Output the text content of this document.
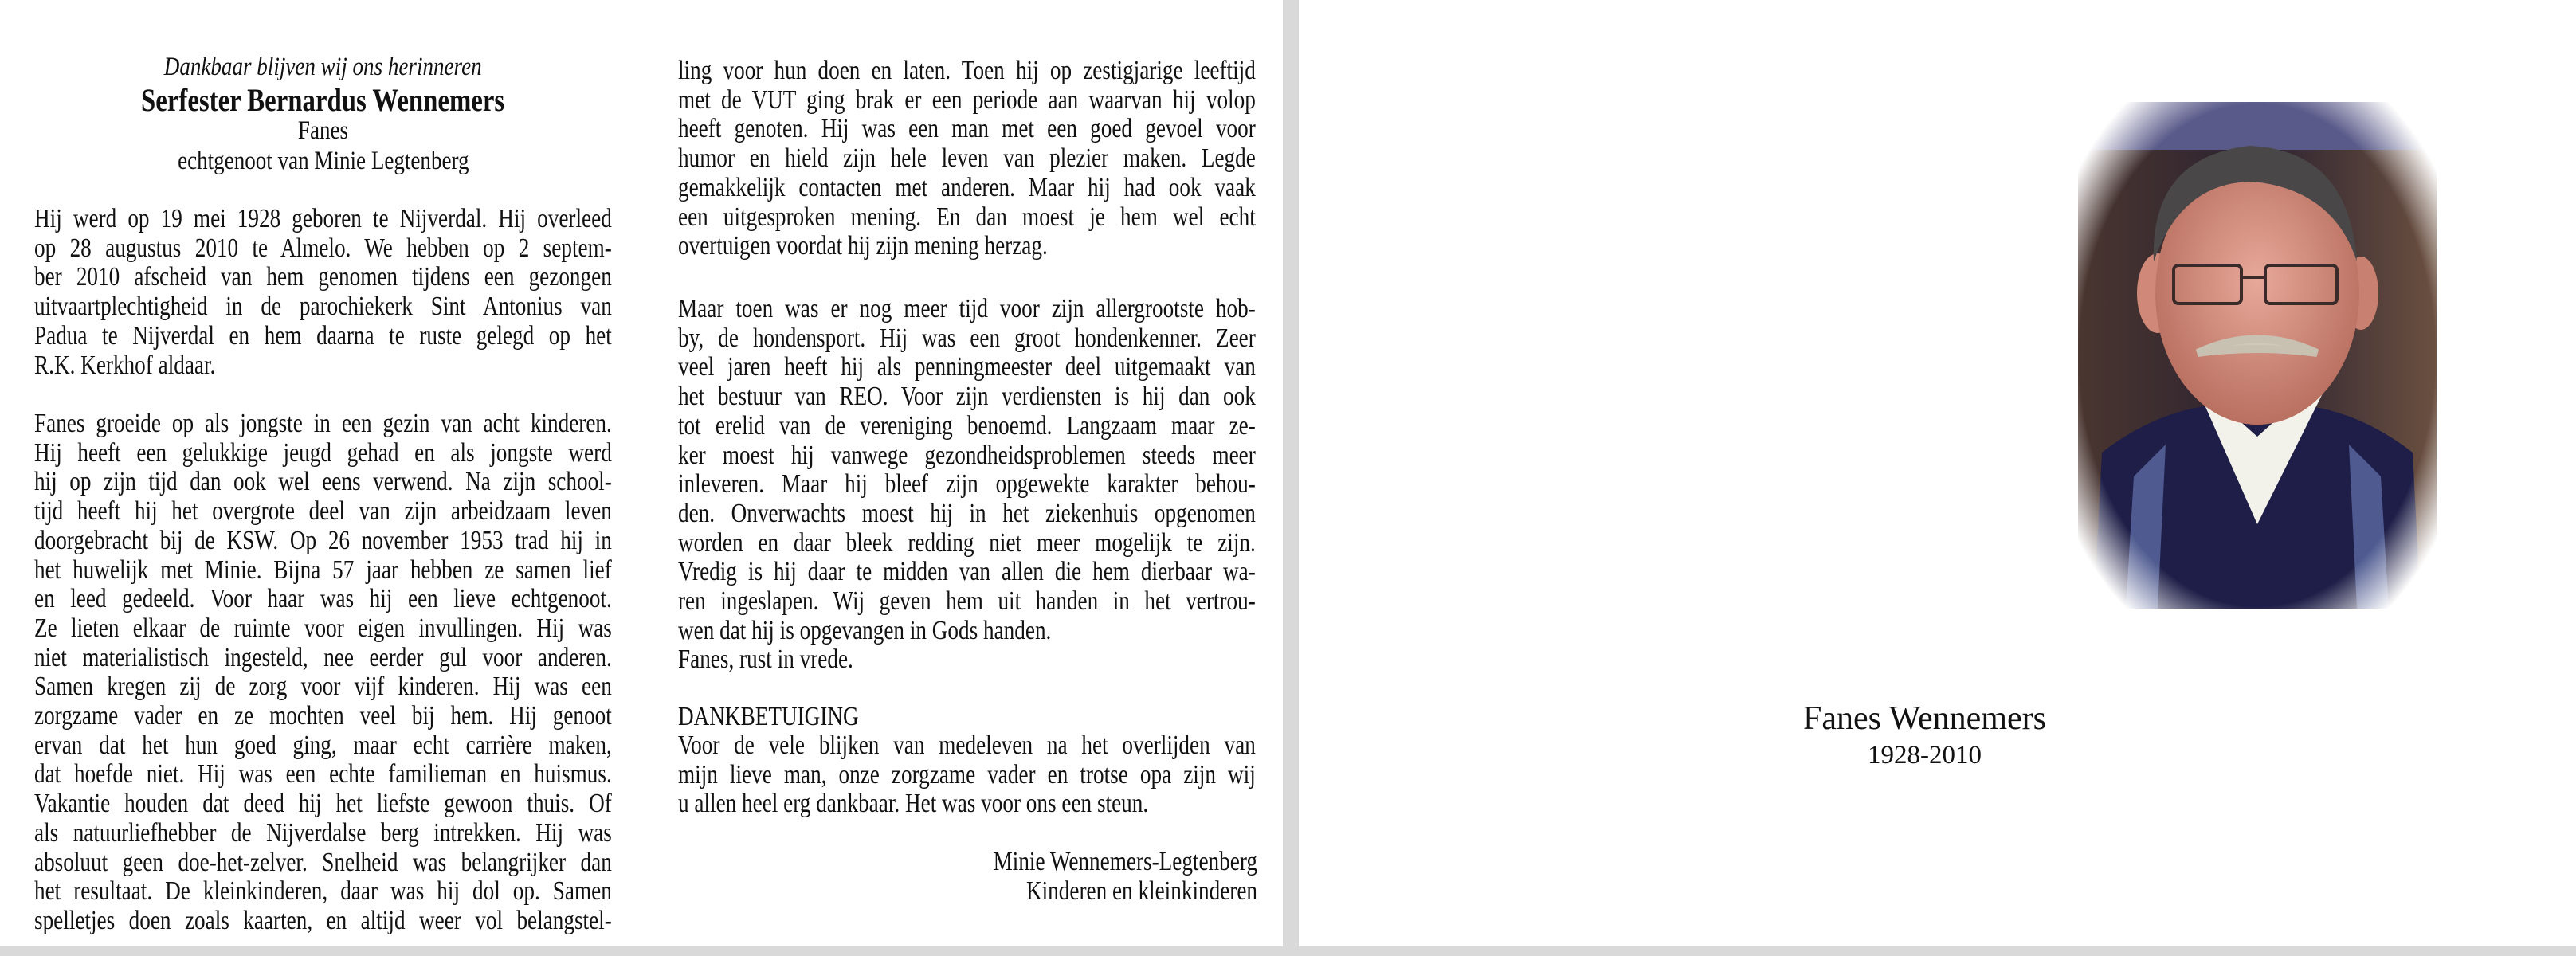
Dankbaar blijven wij ons herinneren
Serfester Bernardus Wennemers
Fanes
echtgenoot van Minie Legtenberg
Hij werd op 19 mei 1928 geboren te Nijverdal. Hij overleed
op 28 augustus 2010 te Almelo. We hebben op 2 septem-
ber 2010 afscheid van hem genomen tijdens een gezongen
uitvaartplechtigheid in de parochiekerk Sint Antonius van
Padua te Nijverdal en hem daarna te ruste gelegd op het
R.K. Kerkhof aldaar.
Fanes groeide op als jongste in een gezin van acht kinderen.
Hij heeft een gelukkige jeugd gehad en als jongste werd
hij op zijn tijd dan ook wel eens verwend. Na zijn school-
tijd heeft hij het overgrote deel van zijn arbeidzaam leven
doorgebracht bij de KSW. Op 26 november 1953 trad hij in
het huwelijk met Minie. Bijna 57 jaar hebben ze samen lief
en leed gedeeld. Voor haar was hij een lieve echtgenoot.
Ze lieten elkaar de ruimte voor eigen invullingen. Hij was
niet materialistisch ingesteld, nee eerder gul voor anderen.
Samen kregen zij de zorg voor vijf kinderen. Hij was een
zorgzame vader en ze mochten veel bij hem. Hij genoot
ervan dat het hun goed ging, maar echt carrière maken,
dat hoefde niet. Hij was een echte familieman en huismus.
Vakantie houden dat deed hij het liefste gewoon thuis. Of
als natuurliefhebber de Nijverdalse berg intrekken. Hij was
absoluut geen doe-het-zelver. Snelheid was belangrijker dan
het resultaat. De kleinkinderen, daar was hij dol op. Samen
spelletjes doen zoals kaarten, en altijd weer vol belangstel-
ling voor hun doen en laten. Toen hij op zestigjarige leeftijd
met de VUT ging brak er een periode aan waarvan hij volop
heeft genoten. Hij was een man met een goed gevoel voor
humor en hield zijn hele leven van plezier maken. Legde
gemakkelijk contacten met anderen. Maar hij had ook vaak
een uitgesproken mening. En dan moest je hem wel echt
overtuigen voordat hij zijn mening herzag.
Maar toen was er nog meer tijd voor zijn allergrootste hob-
by, de hondensport. Hij was een groot hondenkenner. Zeer
veel jaren heeft hij als penningmeester deel uitgemaakt van
het bestuur van REO. Voor zijn verdiensten is hij dan ook
tot erelid van de vereniging benoemd. Langzaam maar ze-
ker moest hij vanwege gezondheidsproblemen steeds meer
inleveren. Maar hij bleef zijn opgewekte karakter behou-
den. Onverwachts moest hij in het ziekenhuis opgenomen
worden en daar bleek redding niet meer mogelijk te zijn.
Vredig is hij daar te midden van allen die hem dierbaar wa-
ren ingeslapen. Wij geven hem uit handen in het vertrou-
wen dat hij is opgevangen in Gods handen.
Fanes, rust in vrede.
DANKBETUIGING
Voor de vele blijken van medeleven na het overlijden van
mijn lieve man, onze zorgzame vader en trotse opa zijn wij
u allen heel erg dankbaar. Het was voor ons een steun.
Minie Wennemers-Legtenberg
Kinderen en kleinkinderen
Fanes Wennemers
1928-2010
